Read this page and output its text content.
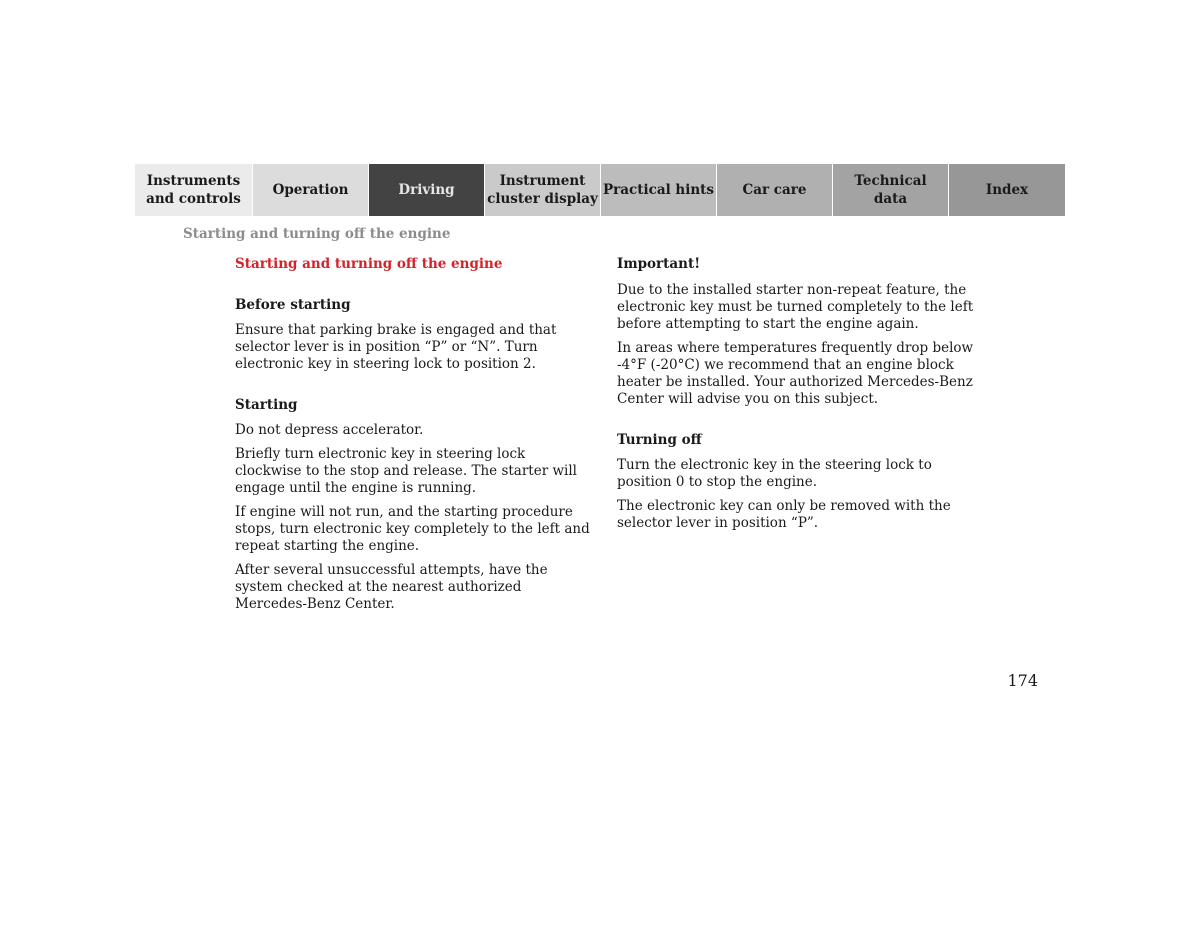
Instruments
and controls
Operation	Driving
Instrument
cluster display
Practical hints	Car care
Technical
data
Index
Starting and turning off the engine
Starting and turning off the engine
Before starting

Ensure that parking brake is engaged and that selector lever is in position “P” or “N”. Turn electronic key in steering lock to position 2.

Starting

Do not depress accelerator.

Briefly turn electronic key in steering lock clockwise to the stop and release. The starter will engage until the engine is running.

If engine will not run, and the starting procedure stops, turn electronic key completely to the left and repeat starting the engine.

After several unsuccessful attempts, have the system checked at the nearest authorized Mercedes-Benz Center.

Important!

Due to the installed starter non-repeat feature, the electronic key must be turned completely to the left before attempting to start the engine again.

In areas where temperatures frequently drop below -4°F (-20°C) we recommend that an engine block heater be installed. Your authorized Mercedes-Benz Center will advise you on this subject.

Turning off

Turn the electronic key in the steering lock to position 0 to stop the engine.

The electronic key can only be removed with the selector lever in position “P”.

174
